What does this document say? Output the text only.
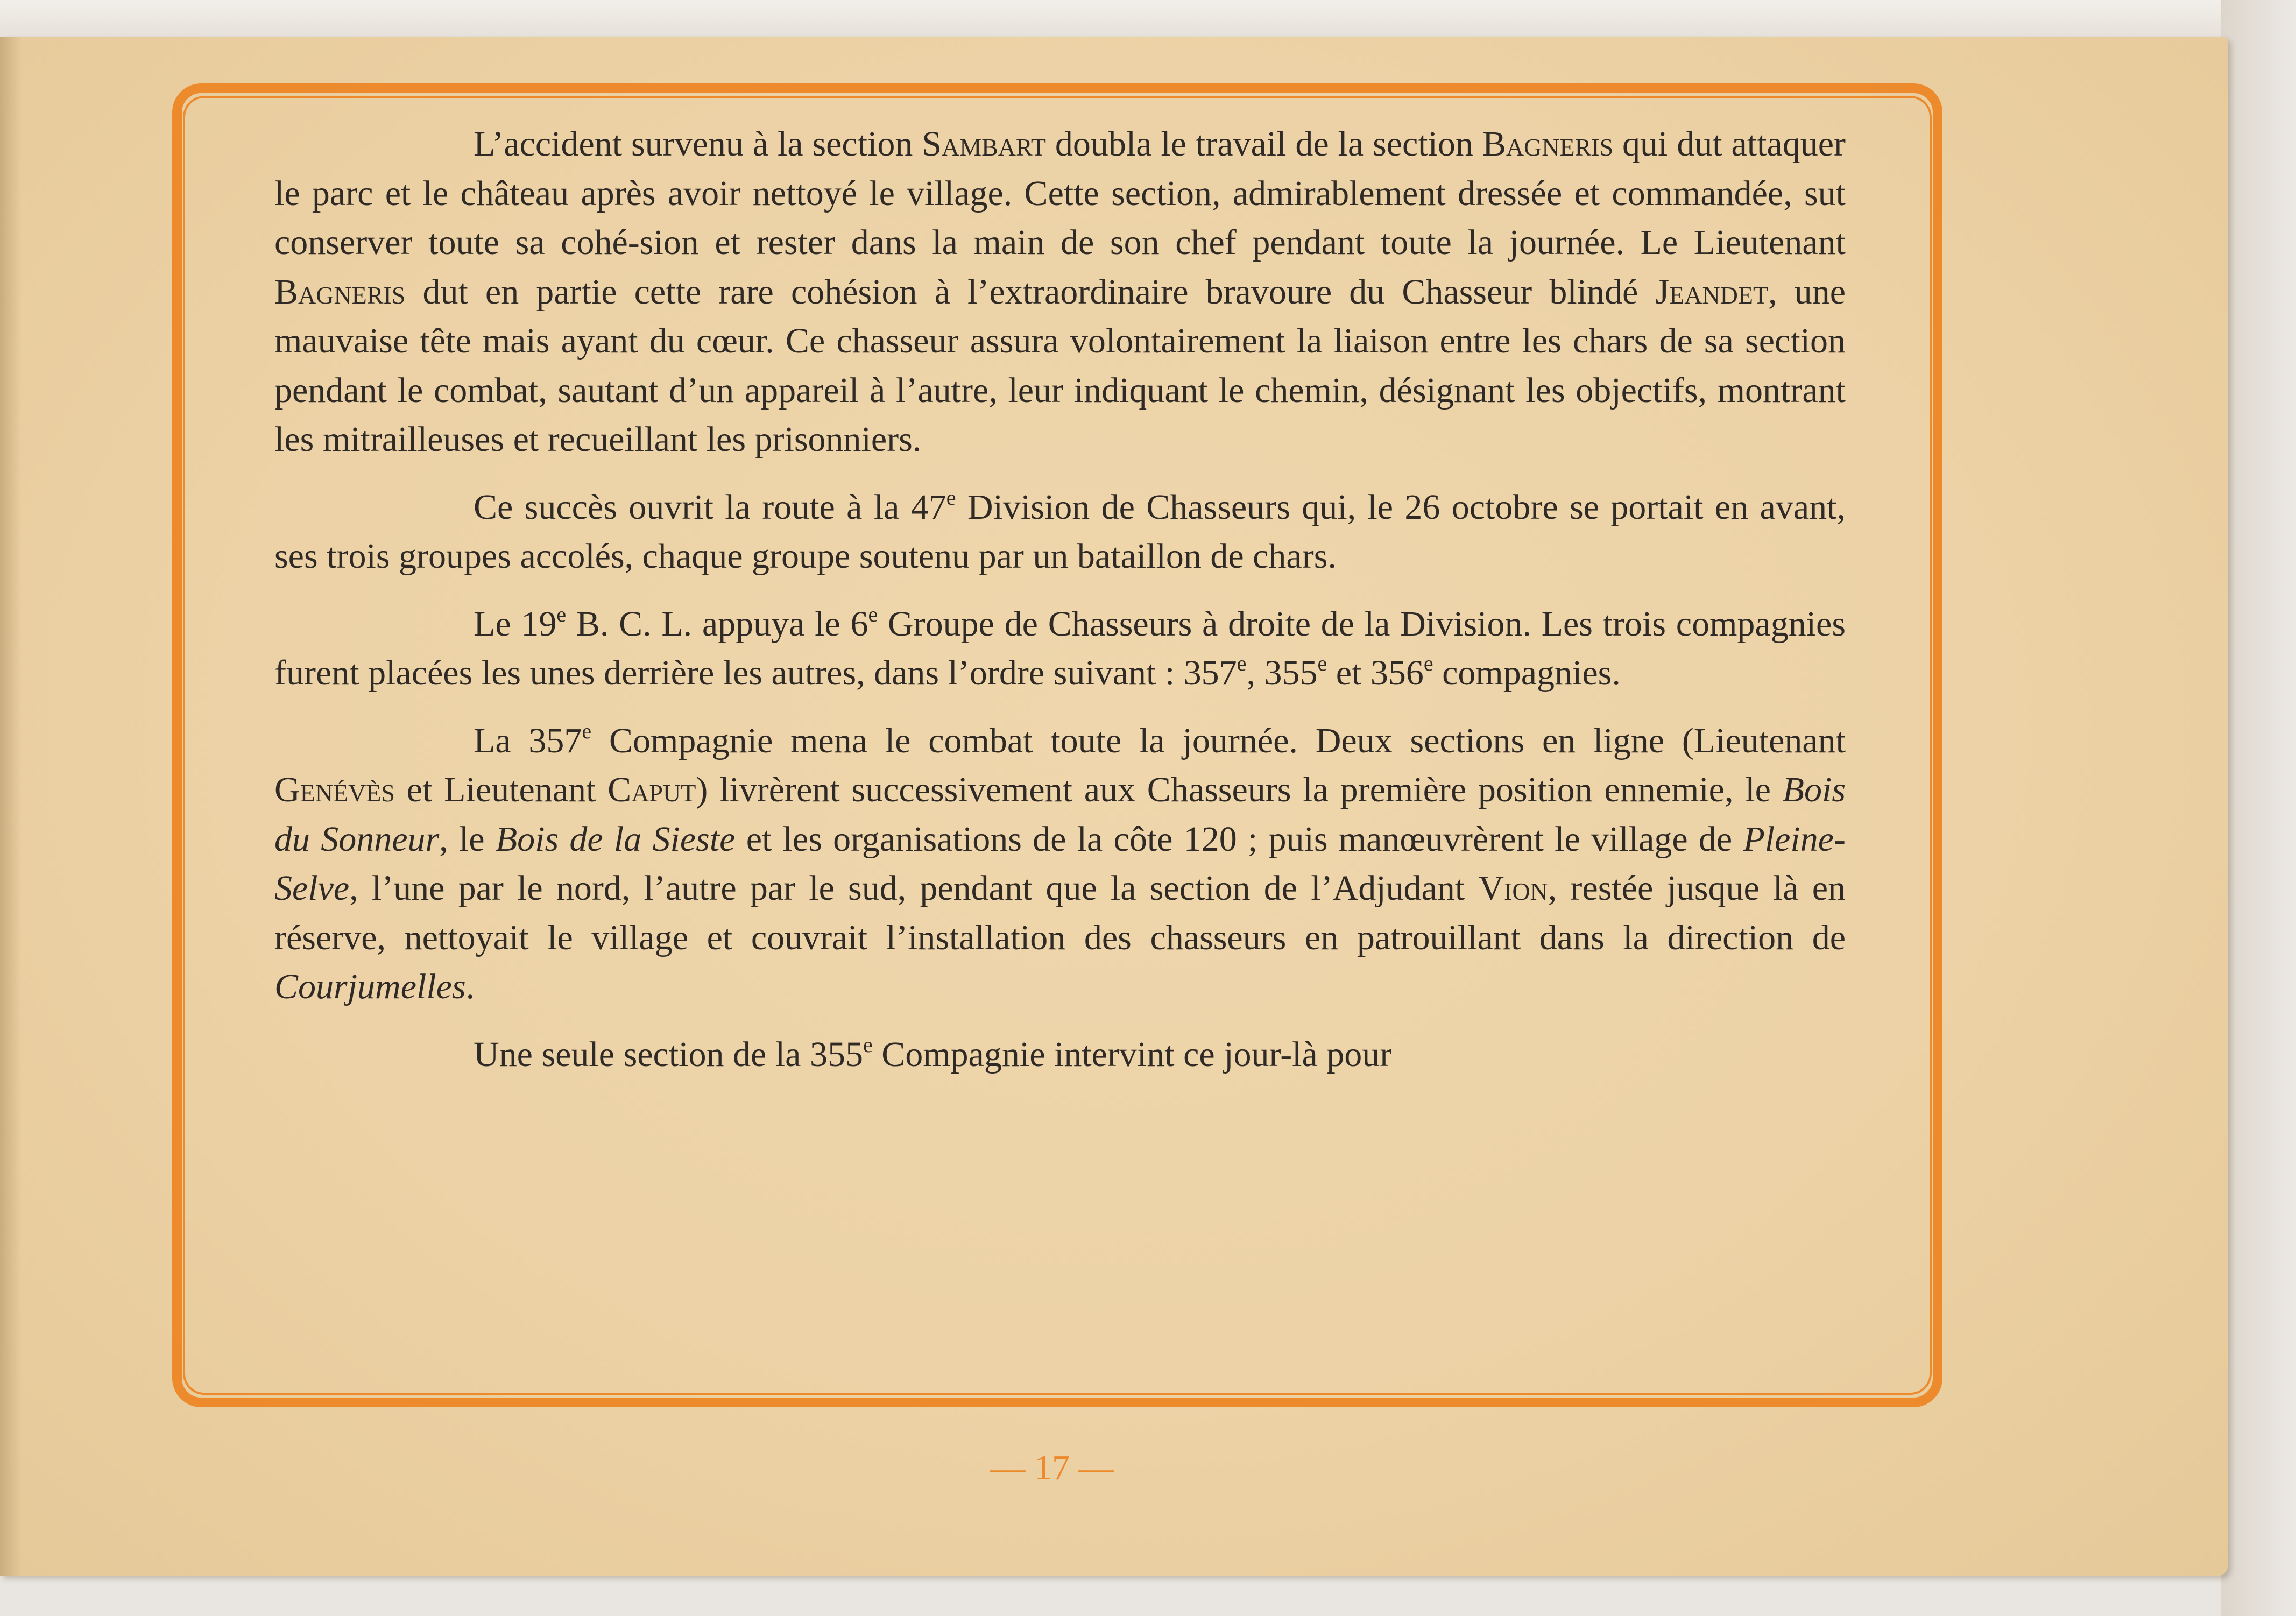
L’accident survenu à la section Sambart doubla le travail de la section Bagneris qui dut attaquer le parc et le château après avoir nettoyé le village. Cette section, admirablement dressée et commandée, sut conserver toute sa cohé-sion et rester dans la main de son chef pendant toute la journée. Le Lieutenant Bagneris dut en partie cette rare cohésion à l’extraordinaire bravoure du Chasseur blindé Jeandet, une mauvaise tête mais ayant du cœur. Ce chasseur assura volontairement la liaison entre les chars de sa section pendant le combat, sautant d’un appareil à l’autre, leur indiquant le chemin, désignant les objectifs, montrant les mitrailleuses et recueillant les prisonniers.

Ce succès ouvrit la route à la 47e Division de Chasseurs qui, le 26 octobre se portait en avant, ses trois groupes accolés, chaque groupe soutenu par un bataillon de chars.

Le 19e B. C. L. appuya le 6e Groupe de Chasseurs à droite de la Division. Les trois compagnies furent placées les unes derrière les autres, dans l’ordre suivant : 357e, 355e et 356e compagnies.

La 357e Compagnie mena le combat toute la journée. Deux sections en ligne (Lieutenant Genévès et Lieutenant Caput) livrèrent successivement aux Chasseurs la première position ennemie, le Bois du Sonneur, le Bois de la Sieste et les organisations de la côte 120 ; puis manœuvrèrent le village de Pleine-Selve, l’une par le nord, l’autre par le sud, pendant que la section de l’Adjudant Vion, restée jusque là en réserve, nettoyait le village et couvrait l’installation des chasseurs en patrouillant dans la direction de Courjumelles.

Une seule section de la 355e Compagnie intervint ce jour-là pour

— 17 —
